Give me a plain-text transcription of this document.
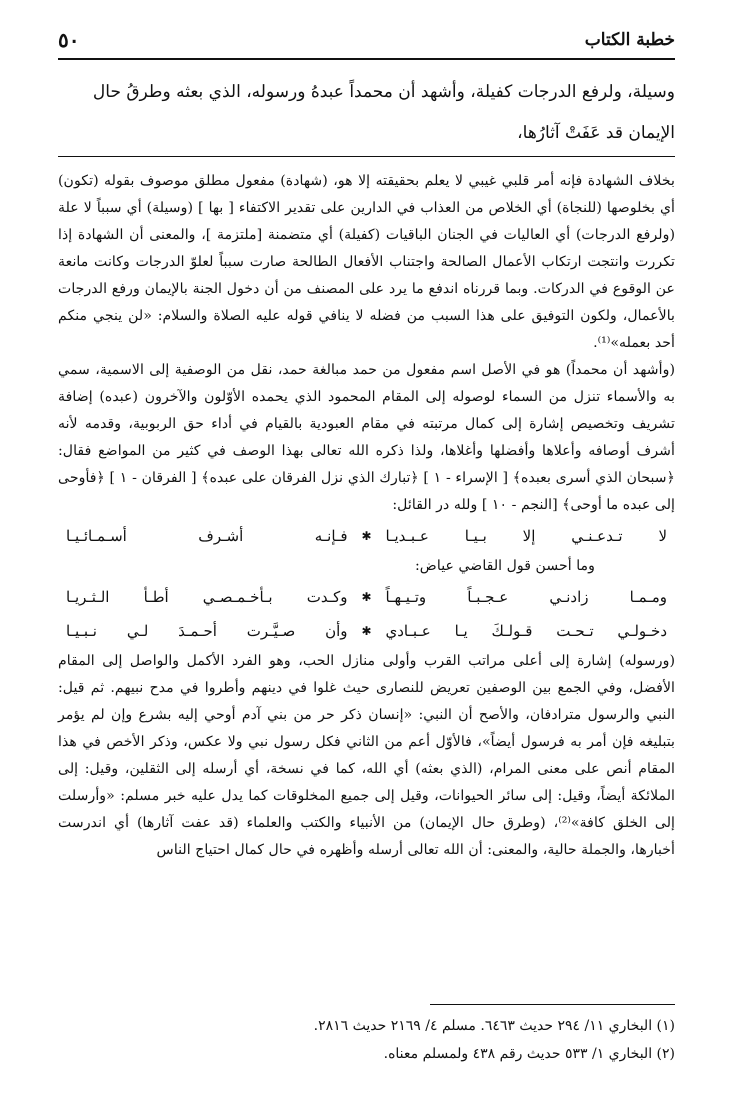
خطبة الكتاب
٥٠

وسيلة، ولرفع الدرجات كفيلة، وأشهد أن محمداً عبدهُ ورسوله، الذي بعثه وطرقُ حال

الإيمان قد عَفَتْ آثارُها،

بخلاف الشهادة فإنه أمر قلبي غيبي لا يعلم بحقيقته إلا هو، (شهادة) مفعول مطلق موصوف بقوله (تكون) أي بخلوصها (للنجاة) أي الخلاص من العذاب في الدارين على تقدير الاكتفاء [ بها ] (وسيلة) أي سبباً لا علة (ولرفع الدرجات) أي العاليات في الجنان الباقيات (كفيلة) أي متضمنة [ملتزمة ]، والمعنى أن الشهادة إذا تكررت وانتجت ارتكاب الأعمال الصالحة واجتناب الأفعال الطالحة صارت سبباً لعلوّ الدرجات وكانت مانعة عن الوقوع في الدركات. وبما قررناه اندفع ما يرد على المصنف من أن دخول الجنة بالإيمان ورفع الدرجات بالأعمال، ولكون التوفيق على هذا السبب من فضله لا ينافي قوله عليه الصلاة والسلام: «لن ينجي منكم أحد بعمله»⁽¹⁾.

(وأشهد أن محمداً) هو في الأصل اسم مفعول من حمد مبالغة حمد، نقل من الوصفية إلى الاسمية، سمي به والأسماء تنزل من السماء لوصوله إلى المقام المحمود الذي يحمده الأوّلون والآخرون (عبده) إضافة تشريف وتخصيص إشارة إلى كمال مرتبته في مقام العبودية بالقيام في أداء حق الربوبية، وقدمه لأنه أشرف أوصافه وأعلاها وأفضلها وأغلاها، ولذا ذكره الله تعالى بهذا الوصف في كثير من المواضع فقال: ﴿سبحان الذي أسرى بعبده﴾ [ الإسراء - ١ ] ﴿تبارك الذي نزل الفرقان على عبده﴾ [ الفرقان - ١ ] ﴿فأوحى إلى عبده ما أوحى﴾ [النجم - ١٠ ] ولله در القائل:

لا تـدعـنـي إلا بـيـا عـبـديـا
✱
فـإنـه أشـرف أسـمـائـيـا

وما أحسن قول القاضي عياض:

ومـمـا زادنـي عـجـبـاً وتـيـهـاً
✱
وكـدت بـأخـمـصـي أطـأ الـثـريـا
دخـولـي تـحـت قـولـكَ يـا عـبـادي
✱
وأن صـيَّـرت أحـمـدَ لـي نـبـيـا

(ورسوله) إشارة إلى أعلى مراتب القرب وأولى منازل الحب، وهو الفرد الأكمل والواصل إلى المقام الأفضل، وفي الجمع بين الوصفين تعريض للنصارى حيث غلوا في دينهم وأطروا في مدح نبيهم. ثم قيل: النبي والرسول مترادفان، والأصح أن النبي: «إنسان ذكر حر من بني آدم أوحي إليه بشرع وإن لم يؤمر بتبليغه فإن أمر به فرسول أيضاً»، فالأوّل أعم من الثاني فكل رسول نبي ولا عكس، وذكر الأخص في هذا المقام أنص على معنى المرام، (الذي بعثه) أي الله، كما في نسخة، أي أرسله إلى الثقلين، وقيل: إلى الملائكة أيضاً، وقيل: إلى سائر الحيوانات، وقيل إلى جميع المخلوقات كما يدل عليه خبر مسلم: «وأرسلت إلى الخلق كافة»⁽²⁾، (وطرق حال الإيمان) من الأنبياء والكتب والعلماء (قد عفت آثارها) أي اندرست أخبارها، والجملة حالية، والمعنى: أن الله تعالى أرسله وأظهره في حال كمال احتياج الناس

(١) البخاري ١١/ ٢٩٤ حديث ٦٤٦٣. مسلم ٤/ ٢١٦٩ حديث ٢٨١٦.
(٢) البخاري ١/ ٥٣٣ حديث رقم ٤٣٨ ولمسلم معناه.
